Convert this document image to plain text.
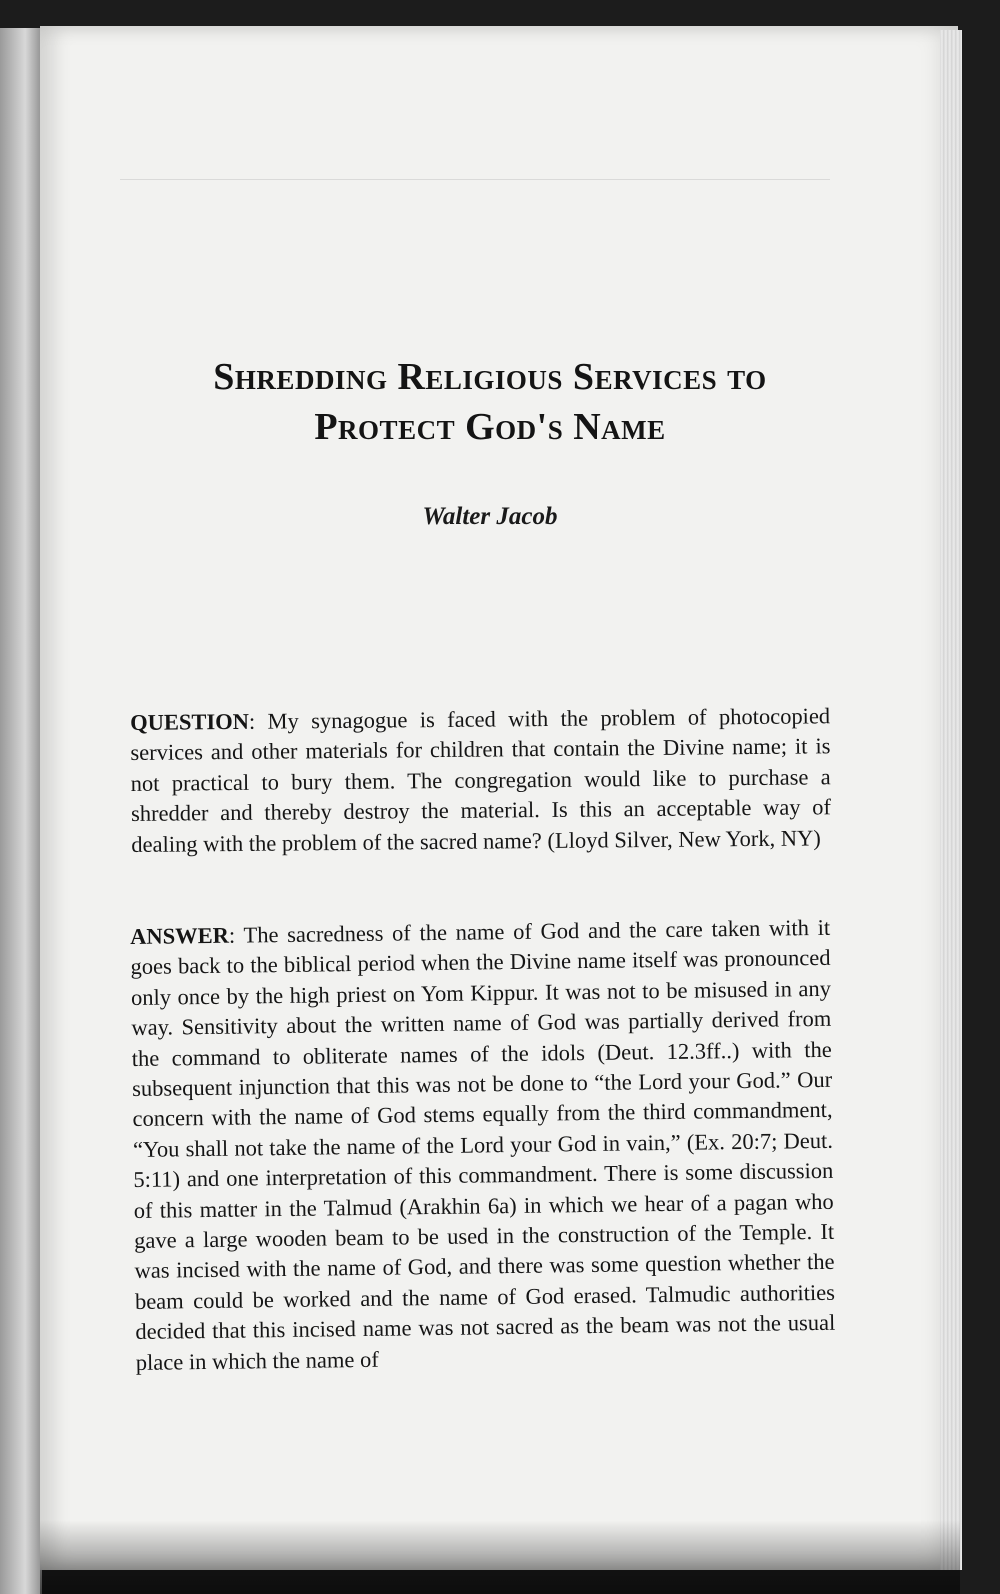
Shredding Religious Services to
Protect God's Name
Walter Jacob
QUESTION: My synagogue is faced with the problem of photocopied services and other materials for children that contain the Divine name; it is not practical to bury them. The congregation would like to purchase a shredder and thereby destroy the material. Is this an acceptable way of dealing with the problem of the sacred name? (Lloyd Silver, New York, NY)
ANSWER: The sacredness of the name of God and the care taken with it goes back to the biblical period when the Divine name itself was pronounced only once by the high priest on Yom Kippur. It was not to be misused in any way. Sensitivity about the written name of God was partially derived from the command to obliterate names of the idols (Deut. 12.3ff..) with the subsequent injunction that this was not be done to “the Lord your God.” Our concern with the name of God stems equally from the third commandment, “You shall not take the name of the Lord your God in vain,” (Ex. 20:7; Deut. 5:11) and one interpretation of this commandment. There is some discussion of this matter in the Talmud (Arakhin 6a) in which we hear of a pagan who gave a large wooden beam to be used in the construction of the Temple. It was incised with the name of God, and there was some question whether the beam could be worked and the name of God erased. Talmudic authorities decided that this incised name was not sacred as the beam was not the usual place in which the name of
